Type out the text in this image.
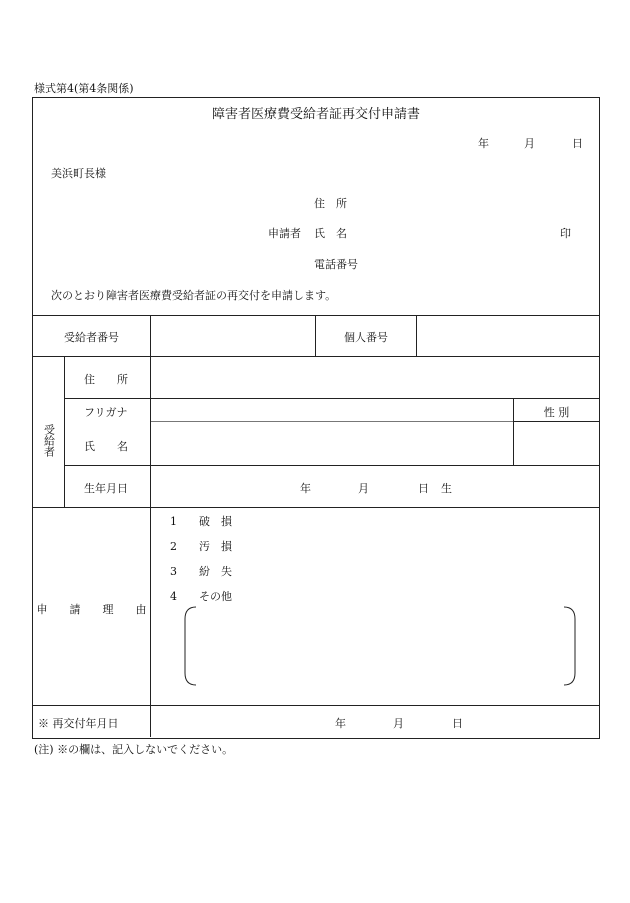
様式第4(第4条関係)
障害者医療費受給者証再交付申請書
年	月	日
美浜町長様
住　所
申請者 氏　名	印
電話番号
次のとおり障害者医療費受給者証の再交付を申請します。
受給者番号	個人番号
受給者
住　　所
フリガナ	性 別
氏　　名
生年月日	年	月	日 生
申　　請　　理　　由
1 破　損
2 汚　損
3 紛　失
4 その他
※ 再交付年月日	年	月	日
(注) ※の欄は、記入しないでください。
